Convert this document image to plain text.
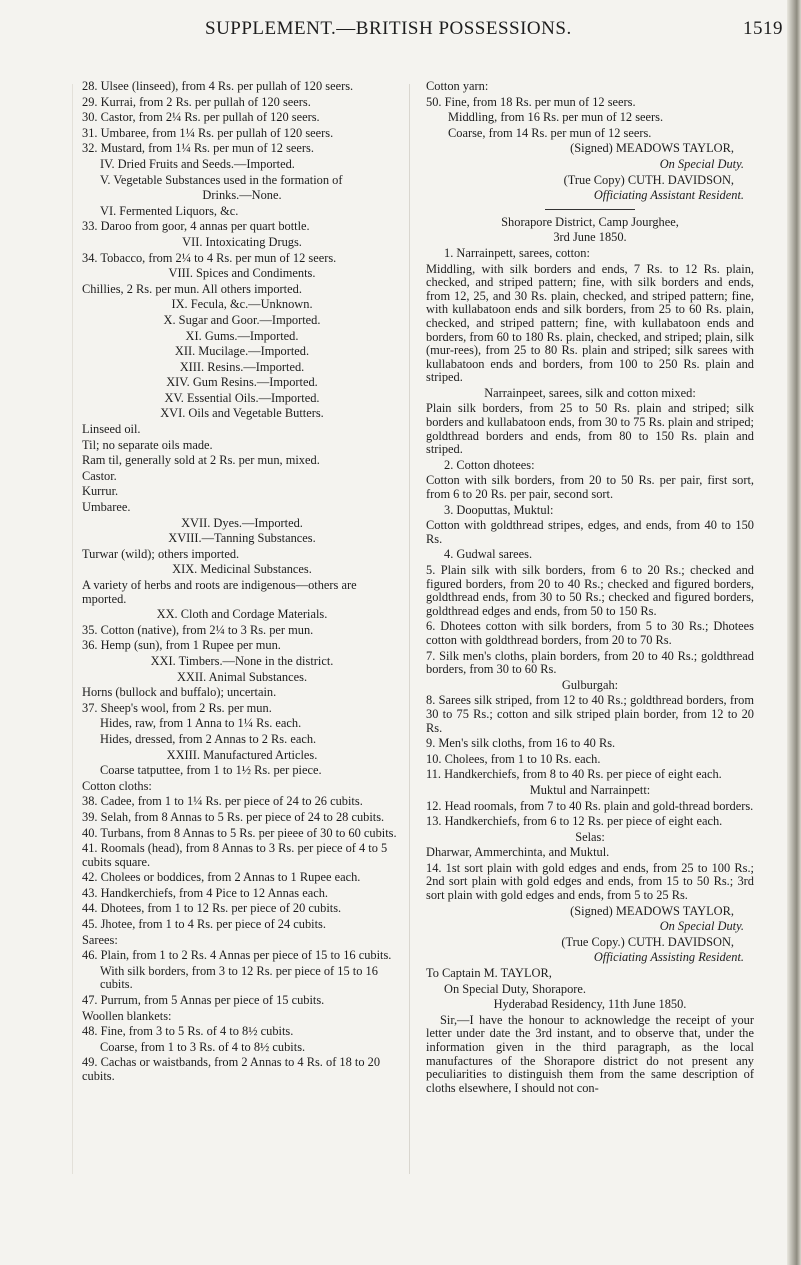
SUPPLEMENT.—BRITISH POSSESSIONS.	1519
28. Ulsee (linseed), from 4 Rs. per pullah of 120 seers.
29. Kurrai, from 2 Rs. per pullah of 120 seers.
30. Castor, from 2¼ Rs. per pullah of 120 seers.
31. Umbaree, from 1¼ Rs. per pullah of 120 seers.
32. Mustard, from 1¼ Rs. per mun of 12 seers.
IV. Dried Fruits and Seeds.—Imported.
V. Vegetable Substances used in the formation of
Drinks.—None.
VI. Fermented Liquors, &c.
33. Daroo from goor, 4 annas per quart bottle.
VII. Intoxicating Drugs.
34. Tobacco, from 2¼ to 4 Rs. per mun of 12 seers.
VIII. Spices and Condiments.
Chillies, 2 Rs. per mun. All others imported.
IX. Fecula, &c.—Unknown.
X. Sugar and Goor.—Imported.
XI. Gums.—Imported.
XII. Mucilage.—Imported.
XIII. Resins.—Imported.
XIV. Gum Resins.—Imported.
XV. Essential Oils.—Imported.
XVI. Oils and Vegetable Butters.
Linseed oil.
Til; no separate oils made.
Ram til, generally sold at 2 Rs. per mun, mixed.
Castor.
Kurrur.
Umbaree.
XVII. Dyes.—Imported.
XVIII.—Tanning Substances.
Turwar (wild); others imported.
XIX. Medicinal Substances.
A variety of herbs and roots are indigenous—others are mported.
XX. Cloth and Cordage Materials.
35. Cotton (native), from 2¼ to 3 Rs. per mun.
36. Hemp (sun), from 1 Rupee per mun.
XXI. Timbers.—None in the district.
XXII. Animal Substances.
Horns (bullock and buffalo); uncertain.
37. Sheep's wool, from 2 Rs. per mun.
Hides, raw, from 1 Anna to 1¼ Rs. each.
Hides, dressed, from 2 Annas to 2 Rs. each.
XXIII. Manufactured Articles.
Coarse tatputtee, from 1 to 1½ Rs. per piece.
Cotton cloths:
38. Cadee, from 1 to 1¼ Rs. per piece of 24 to 26 cubits.
39. Selah, from 8 Annas to 5 Rs. per piece of 24 to 28 cubits.
40. Turbans, from 8 Annas to 5 Rs. per pieee of 30 to 60 cubits.
41. Roomals (head), from 8 Annas to 3 Rs. per piece of 4 to 5 cubits square.
42. Cholees or boddices, from 2 Annas to 1 Rupee each.
43. Handkerchiefs, from 4 Pice to 12 Annas each.
44. Dhotees, from 1 to 12 Rs. per piece of 20 cubits.
45. Jhotee, from 1 to 4 Rs. per piece of 24 cubits.
Sarees:
46. Plain, from 1 to 2 Rs. 4 Annas per piece of 15 to 16 cubits.
With silk borders, from 3 to 12 Rs. per piece of 15 to 16 cubits.
47. Purrum, from 5 Annas per piece of 15 cubits.
Woollen blankets:
48. Fine, from 3 to 5 Rs. of 4 to 8½ cubits.
Coarse, from 1 to 3 Rs. of 4 to 8½ cubits.
49. Cachas or waistbands, from 2 Annas to 4 Rs. of 18 to 20 cubits.
Cotton yarn:
50. Fine, from 18 Rs. per mun of 12 seers.
Middling, from 16 Rs. per mun of 12 seers.
Coarse, from 14 Rs. per mun of 12 seers.
(Signed) MEADOWS TAYLOR,
On Special Duty.
(True Copy) CUTH. DAVIDSON,
Officiating Assistant Resident.
Shorapore District, Camp Jourghee,
3rd June 1850.
1. Narrainpett, sarees, cotton:
Middling, with silk borders and ends, 7 Rs. to 12 Rs. plain, checked, and striped pattern; fine, with silk borders and ends, from 12, 25, and 30 Rs. plain, checked, and striped pattern; fine, with kullabatoon ends and silk borders, from 25 to 60 Rs. plain, checked, and striped pattern; fine, with kullabatoon ends and borders, from 60 to 180 Rs. plain, checked, and striped; plain, silk (mur-rees), from 25 to 80 Rs. plain and striped; silk sarees with kullabatoon ends and borders, from 100 to 250 Rs. plain and striped.
Narrainpeet, sarees, silk and cotton mixed:
Plain silk borders, from 25 to 50 Rs. plain and striped; silk borders and kullabatoon ends, from 30 to 75 Rs. plain and striped; goldthread borders and ends, from 80 to 150 Rs. plain and striped.
2. Cotton dhotees:
Cotton with silk borders, from 20 to 50 Rs. per pair, first sort, from 6 to 20 Rs. per pair, second sort.
3. Dooputtas, Muktul:
Cotton with goldthread stripes, edges, and ends, from 40 to 150 Rs.
4. Gudwal sarees.
5. Plain silk with silk borders, from 6 to 20 Rs.; checked and figured borders, from 20 to 40 Rs.; checked and figured borders, goldthread ends, from 30 to 50 Rs.; checked and figured borders, goldthread edges and ends, from 50 to 150 Rs.
6. Dhotees cotton with silk borders, from 5 to 30 Rs.; Dhotees cotton with goldthread borders, from 20 to 70 Rs.
7. Silk men's cloths, plain borders, from 20 to 40 Rs.; goldthread borders, from 30 to 60 Rs.
Gulburgah:
8. Sarees silk striped, from 12 to 40 Rs.; goldthread borders, from 30 to 75 Rs.; cotton and silk striped plain border, from 12 to 20 Rs.
9. Men's silk cloths, from 16 to 40 Rs.
10. Cholees, from 1 to 10 Rs. each.
11. Handkerchiefs, from 8 to 40 Rs. per piece of eight each.
Muktul and Narrainpett:
12. Head roomals, from 7 to 40 Rs. plain and gold-thread borders.
13. Handkerchiefs, from 6 to 12 Rs. per piece of eight each.
Selas:
Dharwar, Ammerchinta, and Muktul.
14. 1st sort plain with gold edges and ends, from 25 to 100 Rs.; 2nd sort plain with gold edges and ends, from 15 to 50 Rs.; 3rd sort plain with gold edges and ends, from 5 to 25 Rs.
(Signed) MEADOWS TAYLOR,
On Special Duty.
(True Copy.) CUTH. DAVIDSON,
Officiating Assisting Resident.
To Captain M. TAYLOR,
On Special Duty, Shorapore.
Hyderabad Residency, 11th June 1850.
Sir,—I have the honour to acknowledge the receipt of your letter under date the 3rd instant, and to observe that, under the information given in the third paragraph, as the local manufactures of the Shorapore district do not present any peculiarities to distinguish them from the same description of cloths elsewhere, I should not con-
